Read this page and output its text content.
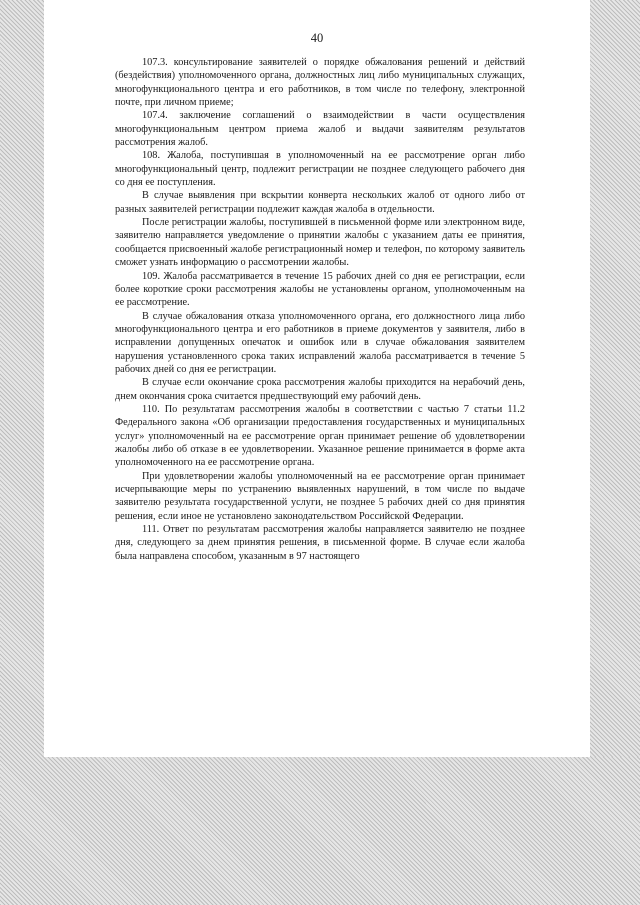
40

107.3. консультирование заявителей о порядке обжалования решений и действий (бездействия) уполномоченного органа, должностных лиц либо муниципальных служащих, многофункционального центра и его работников, в том числе по телефону, электронной почте, при личном приеме;

107.4. заключение соглашений о взаимодействии в части осуществления многофункциональным центром приема жалоб и выдачи заявителям результатов рассмотрения жалоб.

108. Жалоба, поступившая в уполномоченный на ее рассмотрение орган либо многофункциональный центр, подлежит регистрации не позднее следующего рабочего дня со дня ее поступления.

В случае выявления при вскрытии конверта нескольких жалоб от одного либо от разных заявителей регистрации подлежит каждая жалоба в отдельности.

После регистрации жалобы, поступившей в письменной форме или электронном виде, заявителю направляется уведомление о принятии жалобы с указанием даты ее принятия, сообщается присвоенный жалобе регистрационный номер и телефон, по которому заявитель сможет узнать информацию о рассмотрении жалобы.

109. Жалоба рассматривается в течение 15 рабочих дней со дня ее регистрации, если более короткие сроки рассмотрения жалобы не установлены органом, уполномоченным на ее рассмотрение.

В случае обжалования отказа уполномоченного органа, его должностного лица либо многофункционального центра и его работников в приеме документов у заявителя, либо в исправлении допущенных опечаток и ошибок или в случае обжалования заявителем нарушения установленного срока таких исправлений жалоба рассматривается в течение 5 рабочих дней со дня ее регистрации.

В случае если окончание срока рассмотрения жалобы приходится на нерабочий день, днем окончания срока считается предшествующий ему рабочий день.

110. По результатам рассмотрения жалобы в соответствии с частью 7 статьи 11.2 Федерального закона «Об организации предоставления государственных и муниципальных услуг» уполномоченный на ее рассмотрение орган принимает решение об удовлетворении жалобы либо об отказе в ее удовлетворении. Указанное решение принимается в форме акта уполномоченного на ее рассмотрение органа.

При удовлетворении жалобы уполномоченный на ее рассмотрение орган принимает исчерпывающие меры по устранению выявленных нарушений, в том числе по выдаче заявителю результата государственной услуги, не позднее 5 рабочих дней со дня принятия решения, если иное не установлено законодательством Российской Федерации.

111. Ответ по результатам рассмотрения жалобы направляется заявителю не позднее дня, следующего за днем принятия решения, в письменной форме. В случае если жалоба была направлена способом, указанным в 97 настоящего
